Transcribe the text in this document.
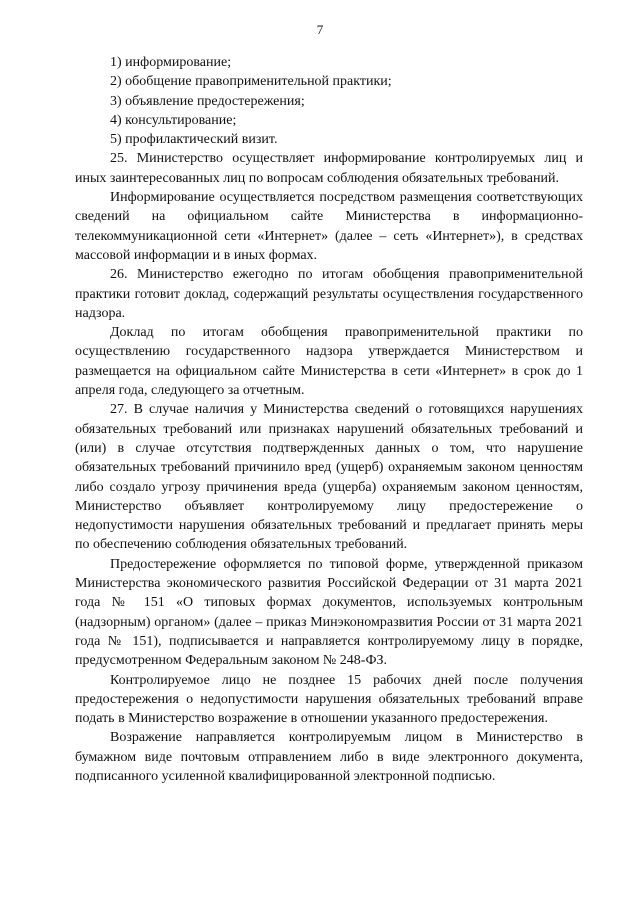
7

1) информирование;

2) обобщение правоприменительной практики;

3) объявление предостережения;

4) консультирование;

5) профилактический визит.

25. Министерство осуществляет информирование контролируемых лиц и иных заинтересованных лиц по вопросам соблюдения обязательных требований.

Информирование осуществляется посредством размещения соответствующих сведений на официальном сайте Министерства в информационно-телекоммуникационной сети «Интернет» (далее – сеть «Интернет»), в средствах массовой информации и в иных формах.

26. Министерство ежегодно по итогам обобщения правоприменительной практики готовит доклад, содержащий результаты осуществления государственного надзора.

Доклад по итогам обобщения правоприменительной практики по осуществлению государственного надзора утверждается Министерством и размещается на официальном сайте Министерства в сети «Интернет» в срок до 1 апреля года, следующего за отчетным.

27. В случае наличия у Министерства сведений о готовящихся нарушениях обязательных требований или признаках нарушений обязательных требований и (или) в случае отсутствия подтвержденных данных о том, что нарушение обязательных требований причинило вред (ущерб) охраняемым законом ценностям либо создало угрозу причинения вреда (ущерба) охраняемым законом ценностям, Министерство объявляет контролируемому лицу предостережение о недопустимости нарушения обязательных требований и предлагает принять меры по обеспечению соблюдения обязательных требований.

Предостережение оформляется по типовой форме, утвержденной приказом Министерства экономического развития Российской Федерации от 31 марта 2021 года № 151 «О типовых формах документов, используемых контрольным (надзорным) органом» (далее – приказ Минэкономразвития России от 31 марта 2021 года № 151), подписывается и направляется контролируемому лицу в порядке, предусмотренном Федеральным законом № 248-ФЗ.

Контролируемое лицо не позднее 15 рабочих дней после получения предостережения о недопустимости нарушения обязательных требований вправе подать в Министерство возражение в отношении указанного предостережения.

Возражение направляется контролируемым лицом в Министерство в бумажном виде почтовым отправлением либо в виде электронного документа, подписанного усиленной квалифицированной электронной подписью.
